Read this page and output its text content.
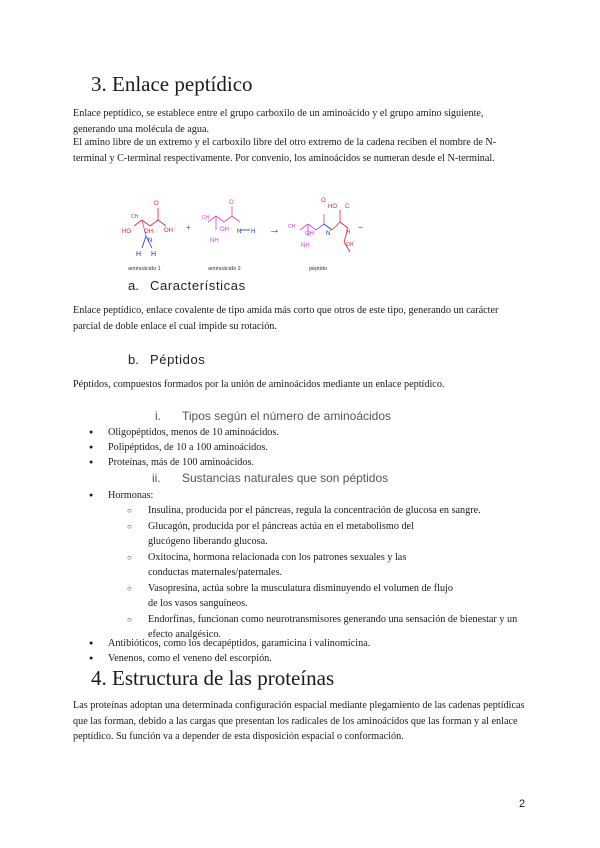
3. Enlace peptídico

Enlace peptídico, se establece entre el grupo carboxilo de un aminoácido y el grupo amino siguiente, generando una molécula de agua.

El amino libre de un extremo y el carboxilo libre del otro extremo de la cadena reciben el nombre de N-terminal y C-terminal respectivamente. Por convenio, los aminoácidos se numeran desde el N-terminal.

O
CH
OH
HO OH
N
H H
+
O
CH
OH
NH
N H →
HO
O
C
CH
OH N
NH
H
OH
−
aminoácido 1	aminoácido 2	péptido
a. Características

Enlace peptídico, enlace covalente de tipo amida más corto que otros de este tipo, generando un carácter parcial de doble enlace el cual impide su rotación.

b. Péptidos

Péptidos, compuestos formados por la unión de aminoácidos mediante un enlace peptídico.

i. Tipos según el número de aminoácidos
● Oligopéptidos, menos de 10 aminoácidos.
● Polipéptidos, de 10 a 100 aminoácidos.
● Proteínas, más de 100 aminoácidos.
ii. Sustancias naturales que son péptidos
● Hormonas:
○ Insulina, producida por el páncreas, regula la concentración de glucosa en sangre.
○ Glucagón, producida por el páncreas actúa en el metabolismo del glucógeno liberando glucosa.
○ Oxitocina, hormona relacionada con los patrones sexuales y las conductas maternales/paternales.
○ Vasopresina, actúa sobre la musculatura disminuyendo el volumen de flujo de los vasos sanguíneos.
○ Endorfinas, funcionan como neurotransmisores generando una sensación de bienestar y un efecto analgésico.
● Antibióticos, como los decapéptidos, garamicina i valinomicina.
● Venenos, como el veneno del escorpión.
4. Estructura de las proteínas

Las proteínas adoptan una determinada configuración espacial mediante plegamiento de las cadenas peptídicas que las forman, debido a las cargas que presentan los radicales de los aminoácidos que las forman y al enlace peptídico. Su función va a depender de esta disposición espacial o conformación.

2
